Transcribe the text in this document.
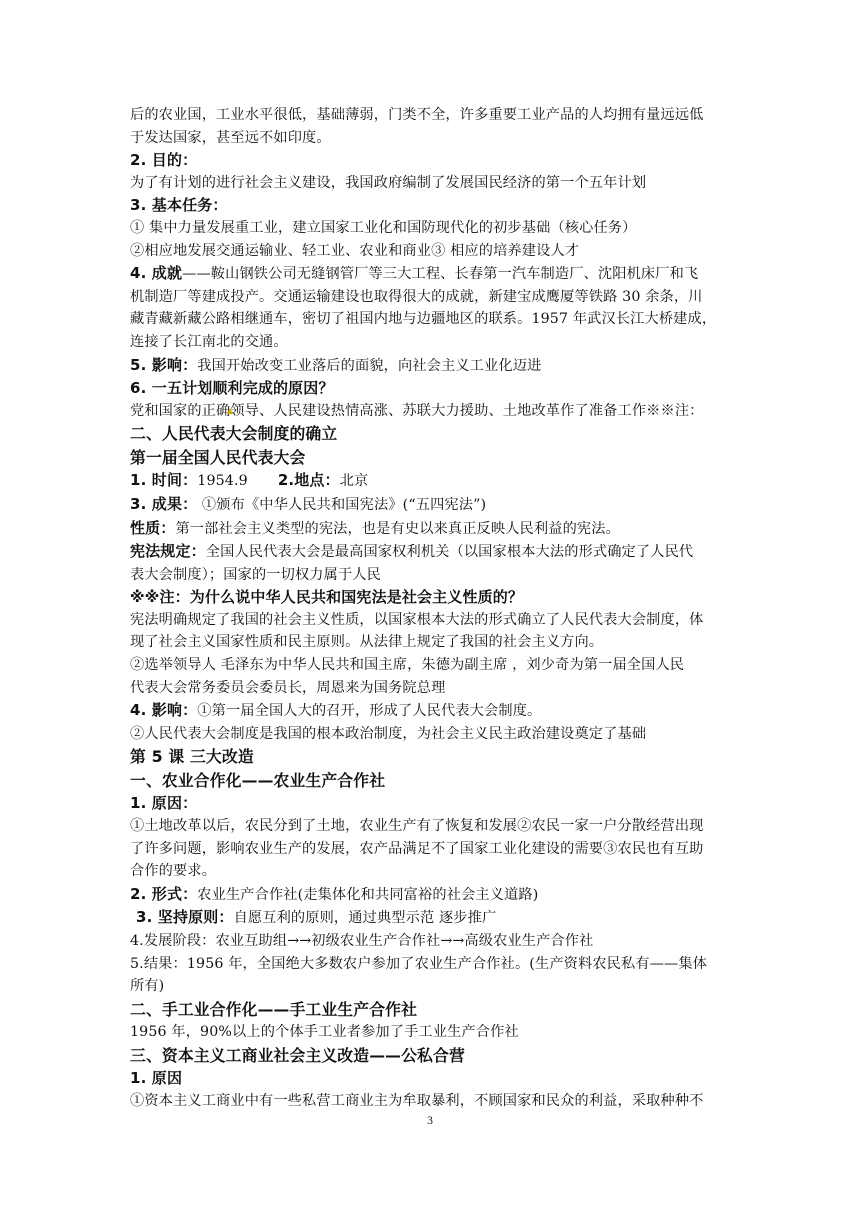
后的农业国，工业水平很低，基础薄弱，门类不全，许多重要工业产品的人均拥有量远远低
于发达国家，甚至远不如印度。
2. 目的：
为了有计划的进行社会主义建设，我国政府编制了发展国民经济的第一个五年计划
3. 基本任务：
① 集中力量发展重工业，建立国家工业化和国防现代化的初步基础（核心任务）
②相应地发展交通运输业、轻工业、农业和商业③ 相应的培养建设人才
4. 成就——鞍山钢铁公司无缝钢管厂等三大工程、长春第一汽车制造厂、沈阳机床厂和飞
机制造厂等建成投产。交通运输建设也取得很大的成就，新建宝成鹰厦等铁路 30 余条，川
藏青藏新藏公路相继通车，密切了祖国内地与边疆地区的联系。1957 年武汉长江大桥建成，
连接了长江南北的交通。
5. 影响：我国开始改变工业落后的面貌，向社会主义工业化迈进
6. 一五计划顺利完成的原因？
党和国家的正确领导、人民建设热情高涨、苏联大力援助、土地改革作了准备工作※※注：
二、人民代表大会制度的确立
第一届全国人民代表大会
1. 时间：1954.9 2.地点：北京
3. 成果： ①颁布《中华人民共和国宪法》(“五四宪法”)
性质：第一部社会主义类型的宪法，也是有史以来真正反映人民利益的宪法。
宪法规定：全国人民代表大会是最高国家权利机关（以国家根本大法的形式确定了人民代
表大会制度）；国家的一切权力属于人民
※※注：为什么说中华人民共和国宪法是社会主义性质的？
宪法明确规定了我国的社会主义性质，以国家根本大法的形式确立了人民代表大会制度，体
现了社会主义国家性质和民主原则。从法律上规定了我国的社会主义方向。
②选举领导人 毛泽东为中华人民共和国主席，朱德为副主席 ，刘少奇为第一届全国人民
代表大会常务委员会委员长，周恩来为国务院总理
4. 影响：①第一届全国人大的召开，形成了人民代表大会制度。
②人民代表大会制度是我国的根本政治制度，为社会主义民主政治建设奠定了基础
第 5 课 三大改造
一、农业合作化——农业生产合作社
1. 原因：
①土地改革以后，农民分到了土地，农业生产有了恢复和发展②农民一家一户分散经营出现
了许多问题，影响农业生产的发展，农产品满足不了国家工业化建设的需要③农民也有互助
合作的要求。
2. 形式：农业生产合作社(走集体化和共同富裕的社会主义道路)
3. 坚持原则：自愿互利的原则，通过典型示范 逐步推广
4.发展阶段：农业互助组→→初级农业生产合作社→→高级农业生产合作社
5.结果：1956 年，全国绝大多数农户参加了农业生产合作社。(生产资料农民私有——集体
所有)
二、手工业合作化——手工业生产合作社
1956 年，90%以上的个体手工业者参加了手工业生产合作社
三、资本主义工商业社会主义改造——公私合营
1. 原因
①资本主义工商业中有一些私营工商业主为牟取暴利，不顾国家和民众的利益，采取种种不
3
